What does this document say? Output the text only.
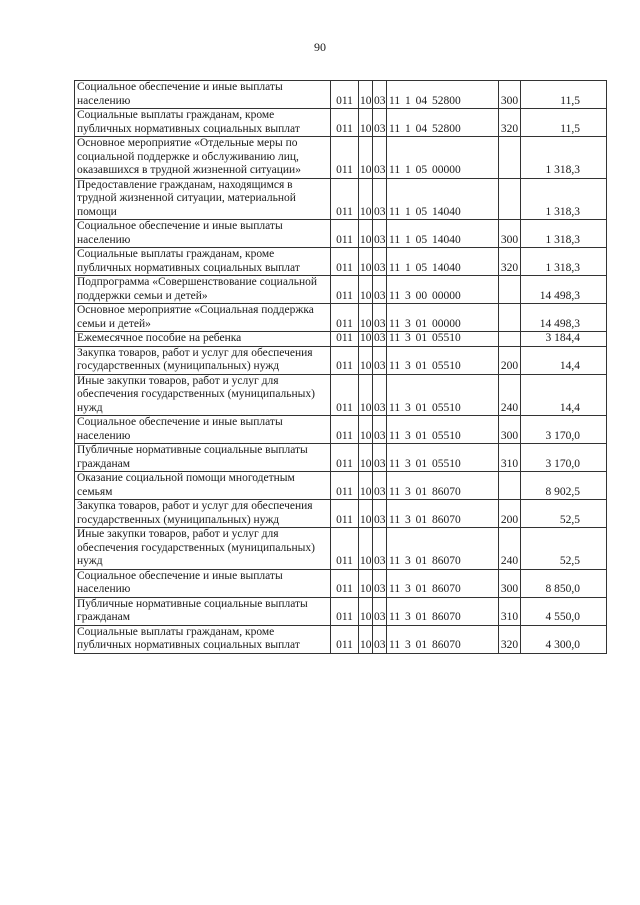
90
Социальное обеспечение и иные выплаты населению	011	10	03	11 1 04 52800	300	11,5
Социальные выплаты гражданам, кроме публичных нормативных социальных выплат	011	10	03	11 1 04 52800	320	11,5
Основное мероприятие «Отдельные меры по социальной поддержке и обслуживанию лиц, оказавшихся в трудной жизненной ситуации»	011	10	03	11 1 05 00000		1 318,3
Предоставление гражданам, находящимся в трудной жизненной ситуации, материальной помощи	011	10	03	11 1 05 14040		1 318,3
Социальное обеспечение и иные выплаты населению	011	10	03	11 1 05 14040	300	1 318,3
Социальные выплаты гражданам, кроме публичных нормативных социальных выплат	011	10	03	11 1 05 14040	320	1 318,3
Подпрограмма «Совершенствование социальной поддержки семьи и детей»	011	10	03	11 3 00 00000		14 498,3
Основное мероприятие «Социальная поддержка семьи и детей»	011	10	03	11 3 01 00000		14 498,3
Ежемесячное пособие на ребенка	011	10	03	11 3 01 05510		3 184,4
Закупка товаров, работ и услуг для обеспечения государственных (муниципальных) нужд	011	10	03	11 3 01 05510	200	14,4
Иные закупки товаров, работ и услуг для обеспечения государственных (муниципальных) нужд	011	10	03	11 3 01 05510	240	14,4
Социальное обеспечение и иные выплаты населению	011	10	03	11 3 01 05510	300	3 170,0
Публичные нормативные социальные выплаты гражданам	011	10	03	11 3 01 05510	310	3 170,0
Оказание социальной помощи многодетным семьям	011	10	03	11 3 01 86070		8 902,5
Закупка товаров, работ и услуг для обеспечения государственных (муниципальных) нужд	011	10	03	11 3 01 86070	200	52,5
Иные закупки товаров, работ и услуг для обеспечения государственных (муниципальных) нужд	011	10	03	11 3 01 86070	240	52,5
Социальное обеспечение и иные выплаты населению	011	10	03	11 3 01 86070	300	8 850,0
Публичные нормативные социальные выплаты гражданам	011	10	03	11 3 01 86070	310	4 550,0
Социальные выплаты гражданам, кроме публичных нормативных социальных выплат	011	10	03	11 3 01 86070	320	4 300,0
